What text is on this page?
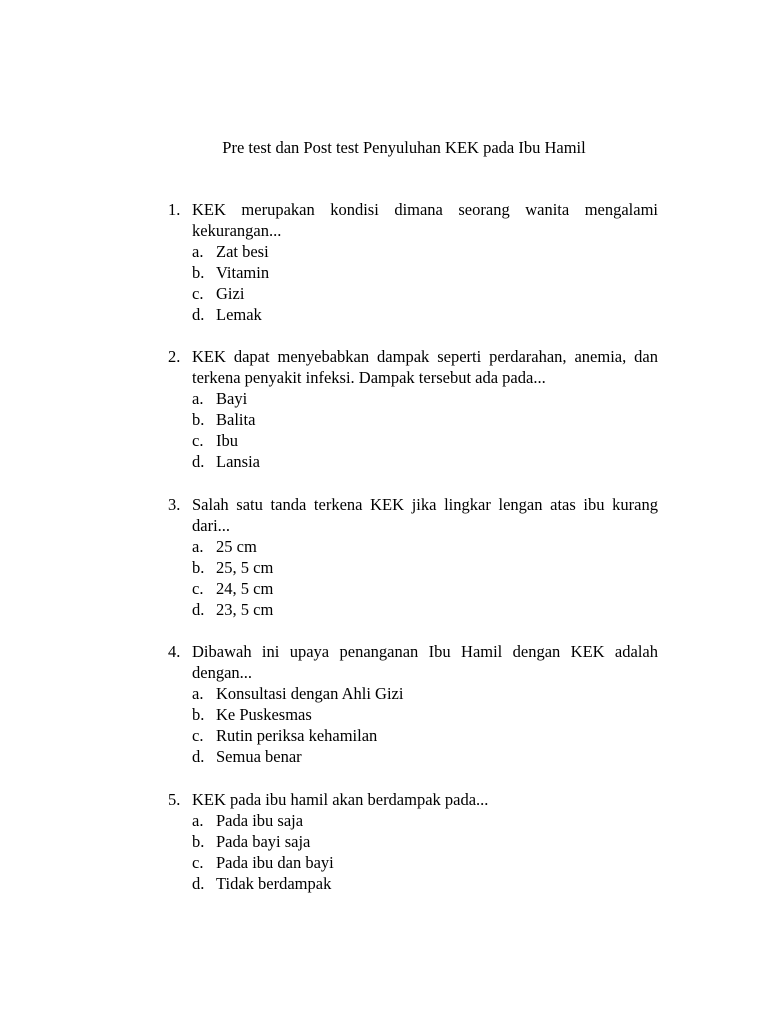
Pre test dan Post test Penyuluhan KEK pada Ibu Hamil
1. KEK merupakan kondisi dimana seorang wanita mengalami kekurangan...
a. Zat besi
b. Vitamin
c. Gizi
d. Lemak
2. KEK dapat menyebabkan dampak seperti perdarahan, anemia, dan terkena penyakit infeksi. Dampak tersebut ada pada...
a. Bayi
b. Balita
c. Ibu
d. Lansia
3. Salah satu tanda terkena KEK jika lingkar lengan atas ibu kurang dari...
a. 25 cm
b. 25, 5 cm
c. 24, 5 cm
d. 23, 5 cm
4. Dibawah ini upaya penanganan Ibu Hamil dengan KEK adalah dengan...
a. Konsultasi dengan Ahli Gizi
b. Ke Puskesmas
c. Rutin periksa kehamilan
d. Semua benar
5. KEK pada ibu hamil akan berdampak pada...
a. Pada ibu saja
b. Pada bayi saja
c. Pada ibu dan bayi
d. Tidak berdampak
